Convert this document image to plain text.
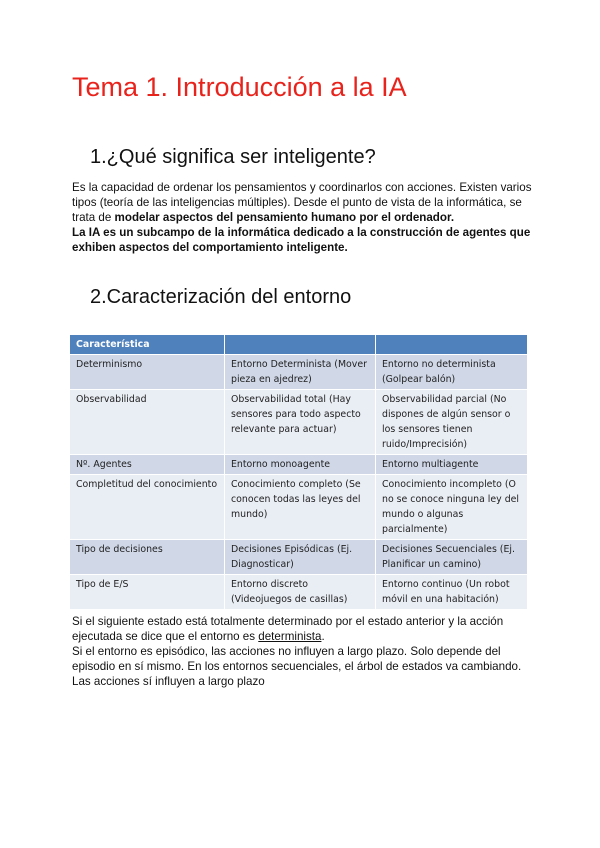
Tema 1. Introducción a la IA
1.¿Qué significa ser inteligente?

Es la capacidad de ordenar los pensamientos y coordinarlos con acciones. Existen varios tipos (teoría de las inteligencias múltiples). Desde el punto de vista de la informática, se trata de modelar aspectos del pensamiento humano por el ordenador.
La IA es un subcampo de la informática dedicado a la construcción de agentes que exhiben aspectos del comportamiento inteligente.

2.Caracterización del entorno
Característica		
Determinismo	Entorno Determinista (Mover pieza en ajedrez)	Entorno no determinista (Golpear balón)
Observabilidad	Observabilidad total (Hay sensores para todo aspecto relevante para actuar)	Observabilidad parcial (No dispones de algún sensor o los sensores tienen ruido/Imprecisión)
Nº. Agentes	Entorno monoagente	Entorno multiagente
Completitud del conocimiento	Conocimiento completo (Se conocen todas las leyes del mundo)	Conocimiento incompleto (O no se conoce ninguna ley del mundo o algunas parcialmente)
Tipo de decisiones	Decisiones Episódicas (Ej. Diagnosticar)	Decisiones Secuenciales (Ej. Planificar un camino)
Tipo de E/S	Entorno discreto (Videojuegos de casillas)	Entorno continuo (Un robot móvil en una habitación)

Si el siguiente estado está totalmente determinado por el estado anterior y la acción ejecutada se dice que el entorno es determinista.

Si el entorno es episódico, las acciones no influyen a largo plazo. Solo depende del episodio en sí mismo. En los entornos secuenciales, el árbol de estados va cambiando. Las acciones sí influyen a largo plazo
